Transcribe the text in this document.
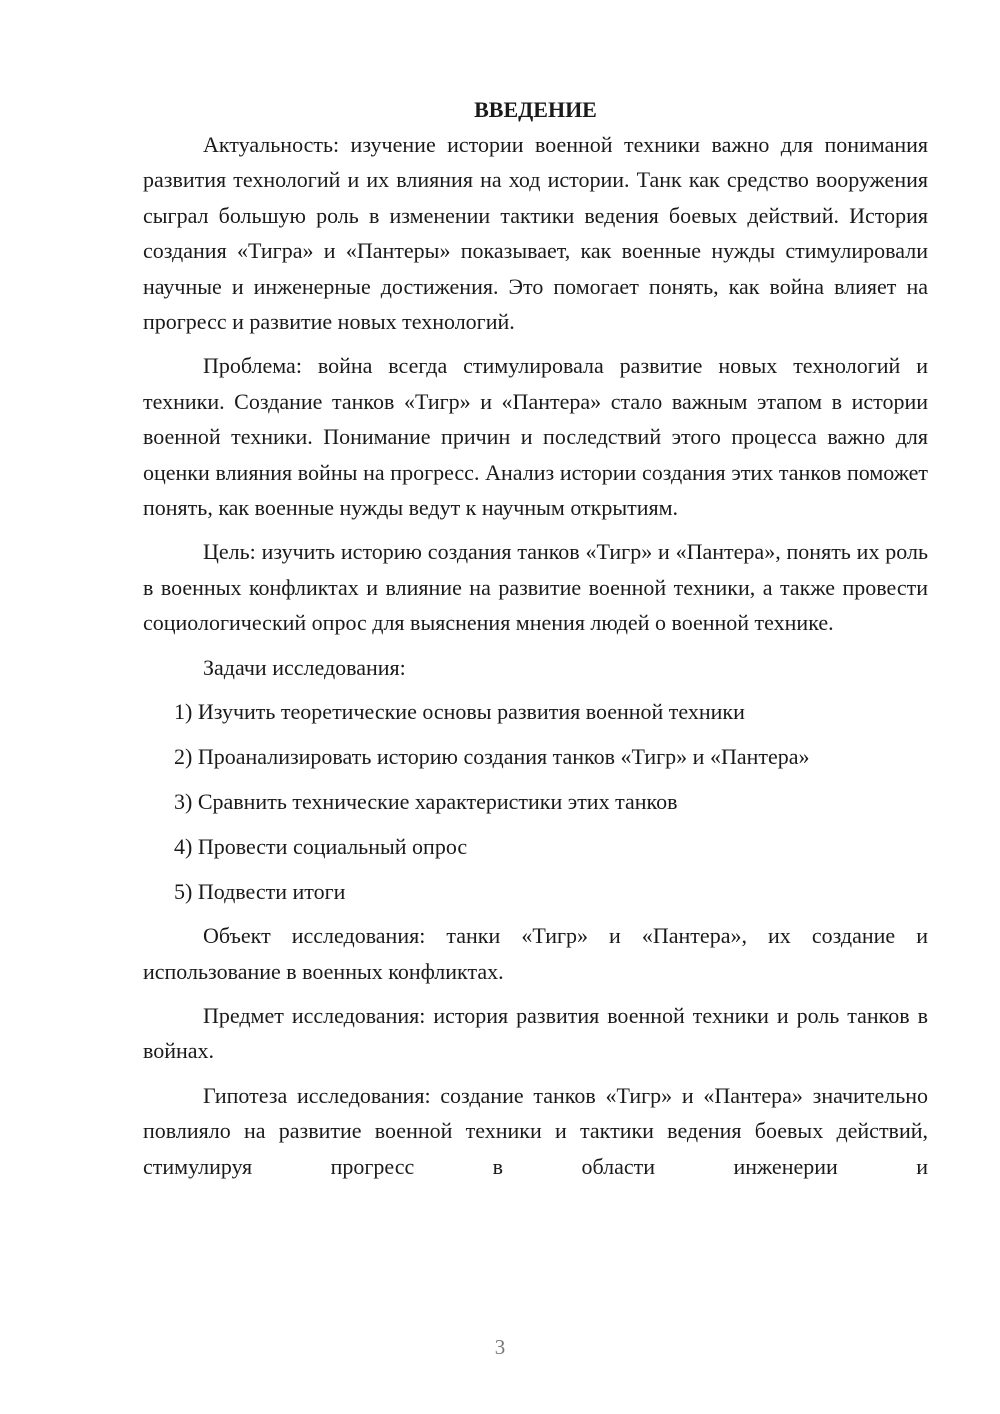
ВВЕДЕНИЕ

Актуальность: изучение истории военной техники важно для понимания развития технологий и их влияния на ход истории. Танк как средство вооружения сыграл большую роль в изменении тактики ведения боевых действий. История создания «Тигра» и «Пантеры» показывает, как военные нужды стимулировали научные и инженерные достижения. Это помогает понять, как война влияет на прогресс и развитие новых технологий.

Проблема: война всегда стимулировала развитие новых технологий и техники. Создание танков «Тигр» и «Пантера» стало важным этапом в истории военной техники. Понимание причин и последствий этого процесса важно для оценки влияния войны на прогресс. Анализ истории создания этих танков поможет понять, как военные нужды ведут к научным открытиям.

Цель: изучить историю создания танков «Тигр» и «Пантера», понять их роль в военных конфликтах и влияние на развитие военной техники, а также провести социологический опрос для выяснения мнения людей о военной технике.

Задачи исследования:

1) Изучить теоретические основы развития военной техники
2) Проанализировать историю создания танков «Тигр» и «Пантера»
3) Сравнить технические характеристики этих танков
4) Провести социальный опрос
5) Подвести итоги

Объект исследования: танки «Тигр» и «Пантера», их создание и использование в военных конфликтах.

Предмет исследования: история развития военной техники и роль танков в войнах.

Гипотеза исследования: создание танков «Тигр» и «Пантера» значительно повлияло на развитие военной техники и тактики ведения боевых действий, стимулируя прогресс в области инженерии и

3
